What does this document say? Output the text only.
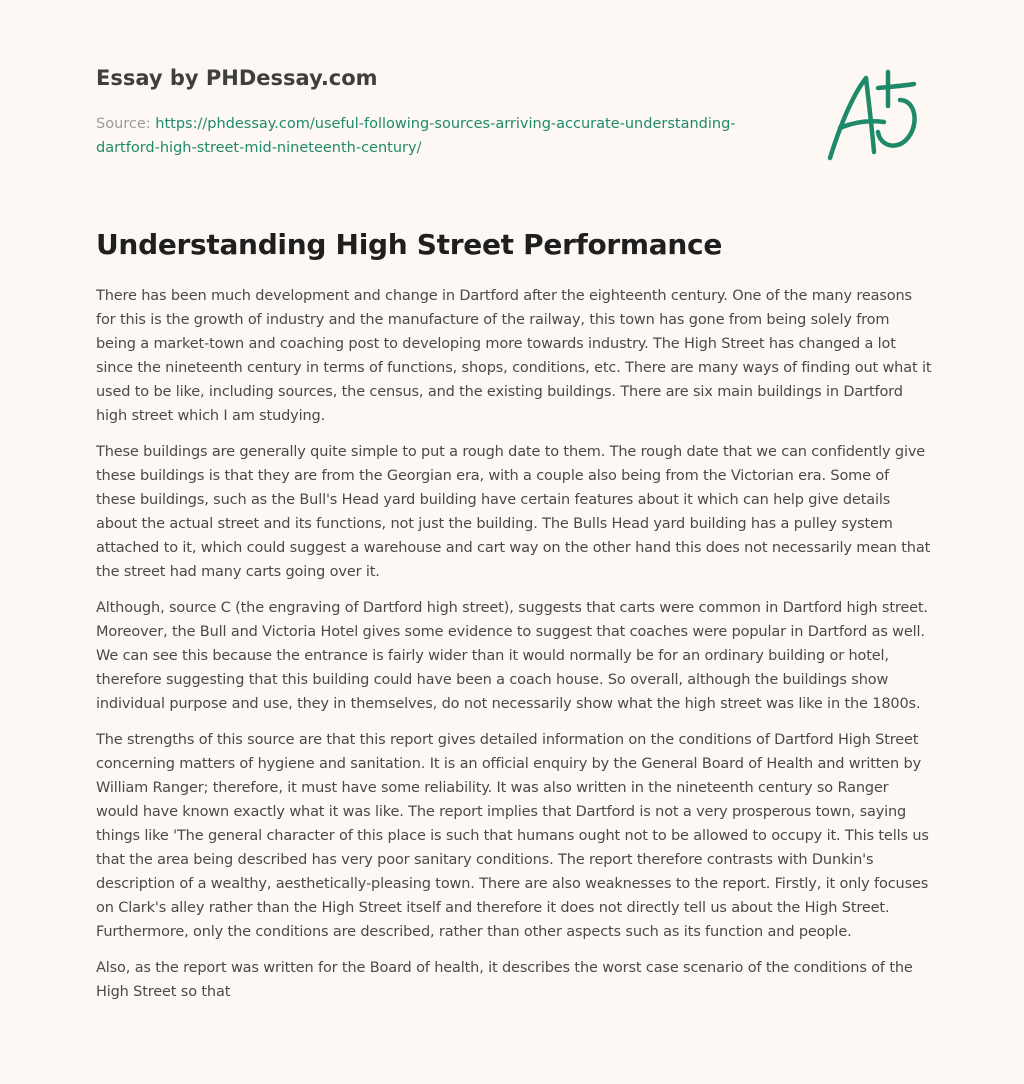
Essay by PHDessay.com
Source: https://phdessay.com/useful-following-sources-arriving-accurate-understanding-dartford-high-street-mid-nineteenth-century/
Understanding High Street Performance

There has been much development and change in Dartford after the eighteenth century. One of the many reasons for this is the growth of industry and the manufacture of the railway, this town has gone from being solely from being a market-town and coaching post to developing more towards industry. The High Street has changed a lot since the nineteenth century in terms of functions, shops, conditions, etc. There are many ways of finding out what it used to be like, including sources, the census, and the existing buildings. There are six main buildings in Dartford high street which I am studying.

These buildings are generally quite simple to put a rough date to them. The rough date that we can confidently give these buildings is that they are from the Georgian era, with a couple also being from the Victorian era. Some of these buildings, such as the Bull's Head yard building have certain features about it which can help give details about the actual street and its functions, not just the building. The Bulls Head yard building has a pulley system attached to it, which could suggest a warehouse and cart way on the other hand this does not necessarily mean that the street had many carts going over it.

Although, source C (the engraving of Dartford high street), suggests that carts were common in Dartford high street. Moreover, the Bull and Victoria Hotel gives some evidence to suggest that coaches were popular in Dartford as well. We can see this because the entrance is fairly wider than it would normally be for an ordinary building or hotel, therefore suggesting that this building could have been a coach house. So overall, although the buildings show individual purpose and use, they in themselves, do not necessarily show what the high street was like in the 1800s.

The strengths of this source are that this report gives detailed information on the conditions of Dartford High Street concerning matters of hygiene and sanitation. It is an official enquiry by the General Board of Health and written by William Ranger; therefore, it must have some reliability. It was also written in the nineteenth century so Ranger would have known exactly what it was like. The report implies that Dartford is not a very prosperous town, saying things like 'The general character of this place is such that humans ought not to be allowed to occupy it. This tells us that the area being described has very poor sanitary conditions. The report therefore contrasts with Dunkin's description of a wealthy, aesthetically-pleasing town. There are also weaknesses to the report. Firstly, it only focuses on Clark's alley rather than the High Street itself and therefore it does not directly tell us about the High Street. Furthermore, only the conditions are described, rather than other aspects such as its function and people.

Also, as the report was written for the Board of health, it describes the worst case scenario of the conditions of the High Street so that
